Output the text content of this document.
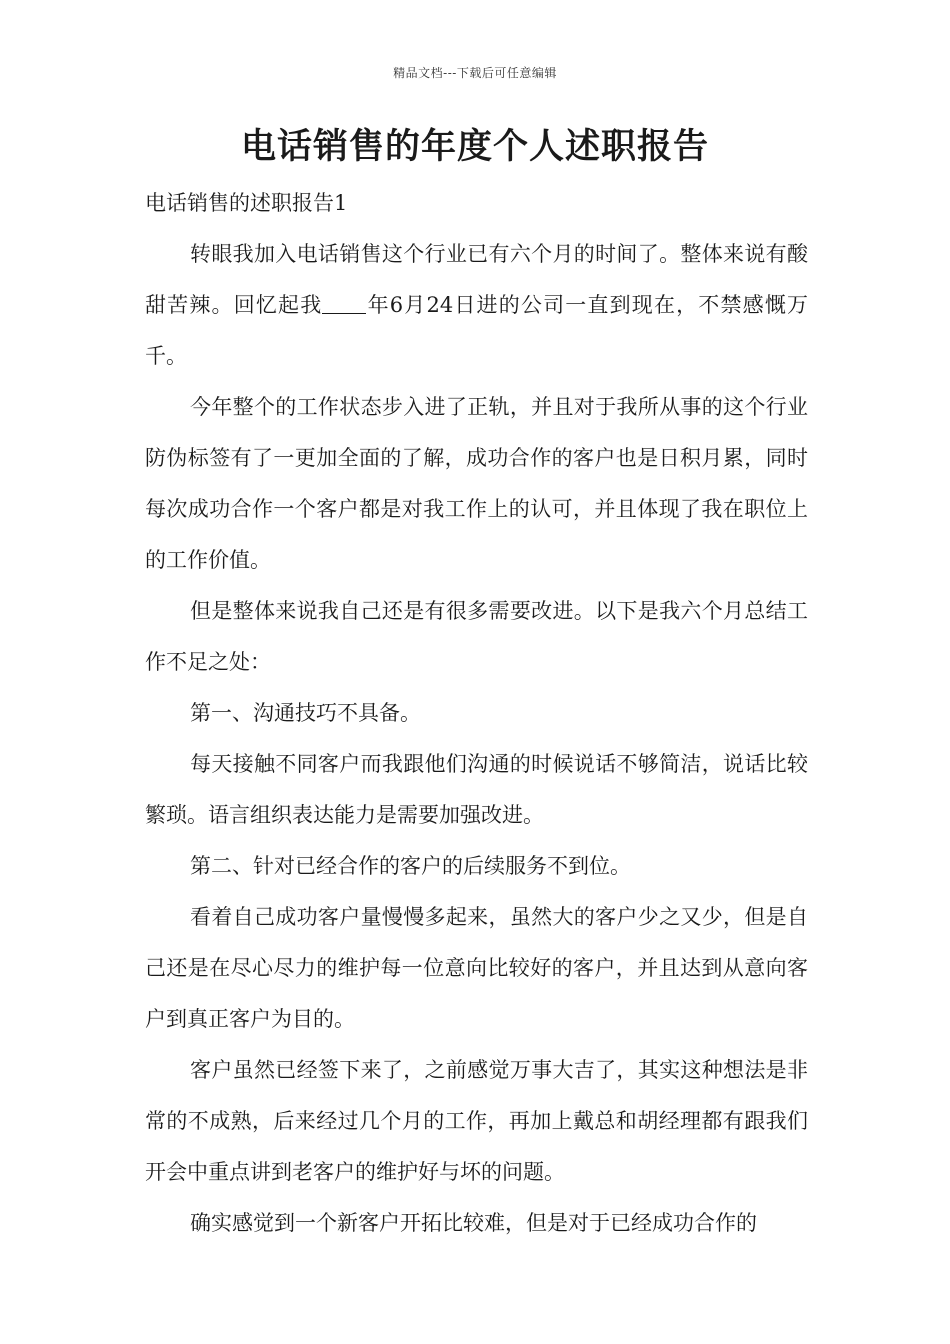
精品文档---下载后可任意编辑
电话销售的年度个人述职报告

电话销售的述职报告1

转眼我加入电话销售这个行业已有六个月的时间了。整体来说有酸甜苦辣。回忆起我 年6月24日进的公司一直到现在，不禁感慨万千。

今年整个的工作状态步入进了正轨，并且对于我所从事的这个行业防伪标签有了一更加全面的了解，成功合作的客户也是日积月累，同时每次成功合作一个客户都是对我工作上的认可，并且体现了我在职位上的工作价值。

但是整体来说我自己还是有很多需要改进。以下是我六个月总结工作不足之处：

第一、沟通技巧不具备。

每天接触不同客户而我跟他们沟通的时候说话不够简洁，说话比较繁琐。语言组织表达能力是需要加强改进。

第二、针对已经合作的客户的后续服务不到位。

看着自己成功客户量慢慢多起来，虽然大的客户少之又少，但是自己还是在尽心尽力的维护每一位意向比较好的客户，并且达到从意向客户到真正客户为目的。

客户虽然已经签下来了，之前感觉万事大吉了，其实这种想法是非常的不成熟，后来经过几个月的工作，再加上戴总和胡经理都有跟我们开会中重点讲到老客户的维护好与坏的问题。

确实感觉到一个新客户开拓比较难，但是对于已经成功合作的
